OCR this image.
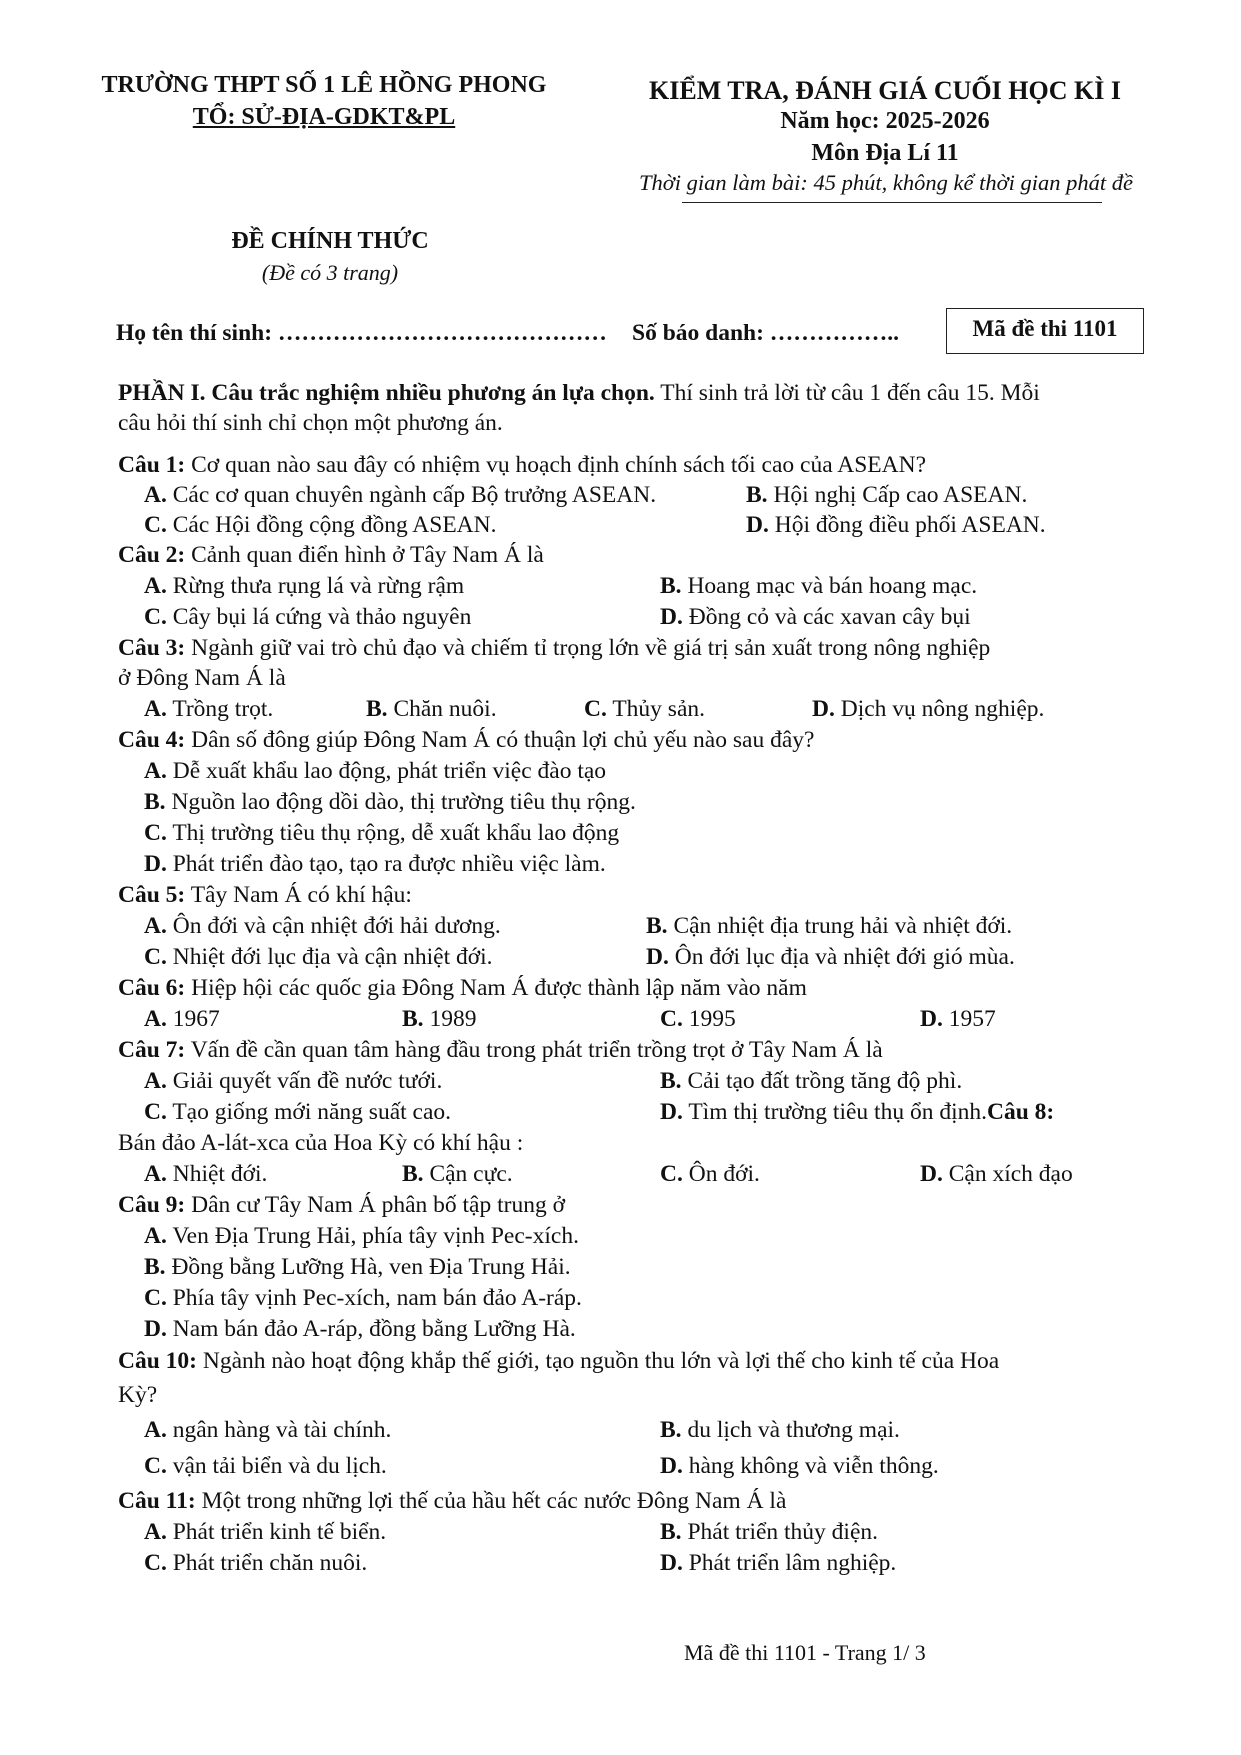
TRƯỜNG THPT SỐ 1 LÊ HỒNG PHONG
TỔ: SỬ-ĐỊA-GDKT&PL
KIỂM TRA, ĐÁNH GIÁ CUỐI HỌC KÌ I
Năm học: 2025-2026
Môn Địa Lí 11
Thời gian làm bài: 45 phút, không kể thời gian phát đề
ĐỀ CHÍNH THỨC
(Đề có 3 trang)
Họ tên thí sinh: …………………………………… Số báo danh: ……………..	Mã đề thi 1101
PHẦN I. Câu trắc nghiệm nhiều phương án lựa chọn. Thí sinh trả lời từ câu 1 đến câu 15. Mỗi
câu hỏi thí sinh chỉ chọn một phương án.
Câu 1: Cơ quan nào sau đây có nhiệm vụ hoạch định chính sách tối cao của ASEAN?
A. Các cơ quan chuyên ngành cấp Bộ trưởng ASEAN.	B. Hội nghị Cấp cao ASEAN.
C. Các Hội đồng cộng đồng ASEAN.	D. Hội đồng điều phối ASEAN.
Câu 2: Cảnh quan điển hình ở Tây Nam Á là
A. Rừng thưa rụng lá và rừng rậm	B. Hoang mạc và bán hoang mạc.
C. Cây bụi lá cứng và thảo nguyên	D. Đồng cỏ và các xavan cây bụi
Câu 3: Ngành giữ vai trò chủ đạo và chiếm tỉ trọng lớn về giá trị sản xuất trong nông nghiệp
ở Đông Nam Á là
A. Trồng trọt.	B. Chăn nuôi.	C. Thủy sản.	D. Dịch vụ nông nghiệp.
Câu 4: Dân số đông giúp Đông Nam Á có thuận lợi chủ yếu nào sau đây?
A. Dễ xuất khẩu lao động, phát triển việc đào tạo
B. Nguồn lao động dồi dào, thị trường tiêu thụ rộng.
C. Thị trường tiêu thụ rộng, dễ xuất khẩu lao động
D. Phát triển đào tạo, tạo ra được nhiều việc làm.
Câu 5: Tây Nam Á có khí hậu:
A. Ôn đới và cận nhiệt đới hải dương.	B. Cận nhiệt địa trung hải và nhiệt đới.
C. Nhiệt đới lục địa và cận nhiệt đới.	D. Ôn đới lục địa và nhiệt đới gió mùa.
Câu 6: Hiệp hội các quốc gia Đông Nam Á được thành lập năm vào năm
A. 1967	B. 1989	C. 1995	D. 1957
Câu 7: Vấn đề cần quan tâm hàng đầu trong phát triển trồng trọt ở Tây Nam Á là
A. Giải quyết vấn đề nước tưới.	B. Cải tạo đất trồng tăng độ phì.
C. Tạo giống mới năng suất cao.	D. Tìm thị trường tiêu thụ ổn định.Câu 8:
Bán đảo A-lát-xca của Hoa Kỳ có khí hậu :
A. Nhiệt đới.	B. Cận cực.	C. Ôn đới.	D. Cận xích đạo
Câu 9: Dân cư Tây Nam Á phân bố tập trung ở
A. Ven Địa Trung Hải, phía tây vịnh Pec-xích.
B. Đồng bằng Lưỡng Hà, ven Địa Trung Hải.
C. Phía tây vịnh Pec-xích, nam bán đảo A-ráp.
D. Nam bán đảo A-ráp, đồng bằng Lưỡng Hà.
Câu 10: Ngành nào hoạt động khắp thế giới, tạo nguồn thu lớn và lợi thế cho kinh tế của Hoa
Kỳ?
A. ngân hàng và tài chính.	B. du lịch và thương mại.
C. vận tải biển và du lịch.	D. hàng không và viễn thông.
Câu 11: Một trong những lợi thế của hầu hết các nước Đông Nam Á là
A. Phát triển kinh tế biển.	B. Phát triển thủy điện.
C. Phát triển chăn nuôi.	D. Phát triển lâm nghiệp.
Mã đề thi 1101 - Trang 1/ 3
